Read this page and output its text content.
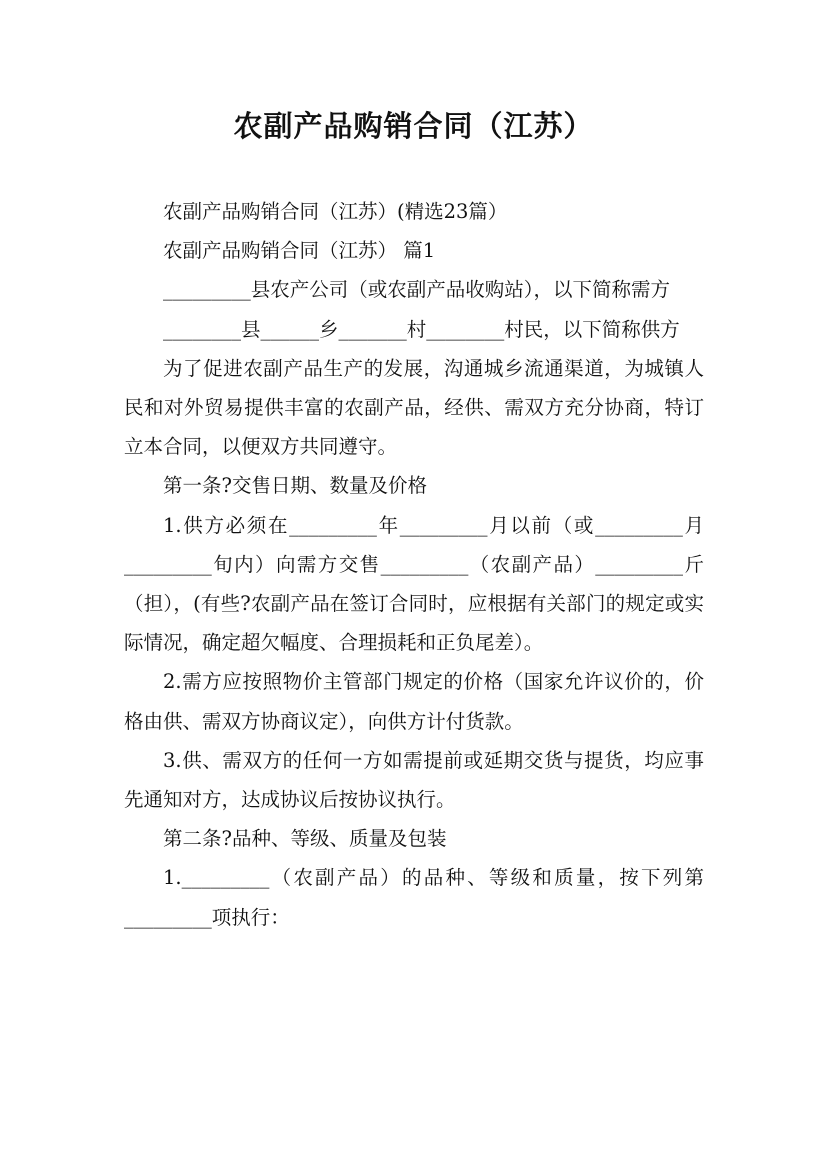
农副产品购销合同（江苏）

农副产品购销合同（江苏）(精选23篇）

农副产品购销合同（江苏） 篇1

_________县农产公司（或农副产品收购站），以下简称需方

________县______乡_______村________村民，以下简称供方

为了促进农副产品生产的发展，沟通城乡流通渠道，为城镇人民和对外贸易提供丰富的农副产品，经供、需双方充分协商，特订立本合同，以便双方共同遵守。

第一条?交售日期、数量及价格

1.供方必须在_________年_________月以前（或_________月_________旬内）向需方交售_________（农副产品）_________斤（担），(有些?农副产品在签订合同时，应根据有关部门的规定或实际情况，确定超欠幅度、合理损耗和正负尾差）。

2.需方应按照物价主管部门规定的价格（国家允许议价的，价格由供、需双方协商议定），向供方计付货款。

3.供、需双方的任何一方如需提前或延期交货与提货，均应事先通知对方，达成协议后按协议执行。

第二条?品种、等级、质量及包装

1._________（农副产品）的品种、等级和质量，按下列第_________项执行：
